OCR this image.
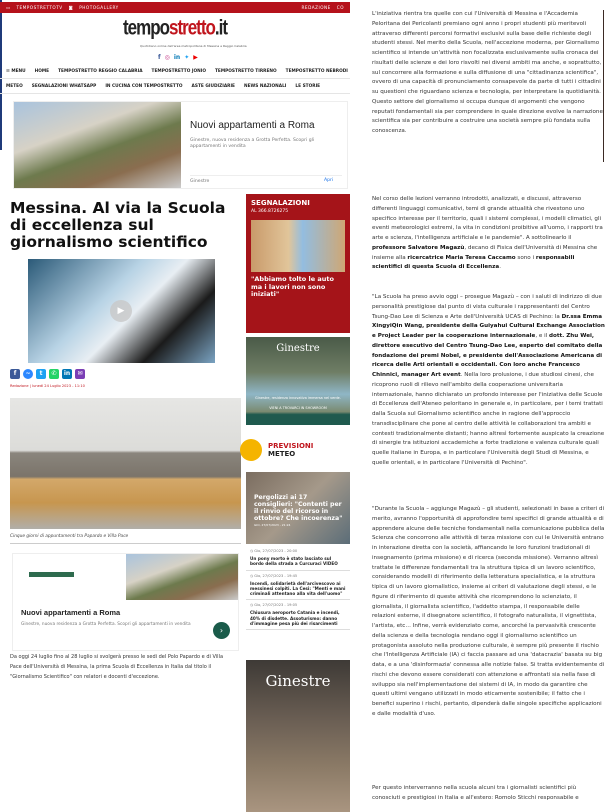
▭ TEMPOSTRETTOTV ◙ PHOTOGALLERY	REDAZIONE CO
tempostretto.it
Quotidiano online dell'area metropolitana di Messina e Reggio Calabria
f ◎ in ✦ ▶
☰ MENU HOME TEMPOSTRETTO REGGIO CALABRIA TEMPOSTRETTO JONIO TEMPOSTRETTO TIRRENO TEMPOSTRETTO NEBRODI
METEO SEGNALAZIONI WHATSAPP IN CUCINA CON TEMPOSTRETTO ASTE GIUDIZIARIE NEWS NAZIONALI LE STORIE
Nuovi appartamenti a Roma
Ginestre, nuova residenza a Grotta Perfetta. Scopri gli appartamenti in vendita
Ginestre	Apri
Messina. Al via la Scuola di eccellenza sul giornalismo scientifico
▶
f	~	t	✆	in	✉
Redazione | lunedì 24 Luglio 2023 - 11:10
Cinque giorni di appuntamenti tra Papardo e Villa Pace
Nuovi appartamenti a Roma
Ginestre, nuova residenza a Grotta Perfetta. Scopri gli appartamenti in vendita
›

Da oggi 24 luglio fino al 28 luglio si svolgerà presso le sedi del Polo Papardo e di Villa Pace dell'Università di Messina, la prima Scuola di Eccellenza in Italia dal titolo il "Giornalismo Scientifico" con relatori e docenti d'eccezione.

SEGNALAZIONI
AL 366.8726275
"Abbiamo tolto le auto ma i lavori non sono iniziati"
Ginestre
Ginestre, residenza innovativa immersa nel verde.
VIENI A TROVARCI IN SHOWROOM
PREVISIONI
METEO
Pergolizzi ai 17 consiglieri: "Contenti per il rinvio del ricorso in ottobre? Che incoerenza"
GIO, 27/07/2023 - 21:24
◷ Gio, 27/07/2023 - 20:00
Un pony morto è stato lasciato sul bordo della strada a Curcuraci VIDEO
◷ Gio, 27/07/2023 - 19:45
Incendi, solidarietà dell'arcivescovo ai messinesi colpiti. La Cesi: "Menti e mani criminali attentano alla vita dell'uomo"
◷ Gio, 27/07/2023 - 19:05
Chiusura aeroporto Catania e incendi, 40% di disdette. Assoturismo: danno d'immagine pesa più dei risarcimenti
Ginestre

L'iniziativa rientra tra quelle con cui l'Università di Messina e l'Accademia Peloritana dei Pericolanti premiano ogni anno i propri studenti più meritevoli attraverso differenti percorsi formativi esclusivi sulla base delle richieste degli studenti stessi. Nel merito della Scuola, nell'accezione moderna, per Giornalismo scientifico si intende un'attività non focalizzata esclusivamente sulla cronaca dei risultati delle scienze e dei loro risvolti nei diversi ambiti ma anche, e soprattutto, sul concorrere alla formazione e sulla diffusione di una "cittadinanza scientifica", ovvero di una capacità di pronunciamento consapevole da parte di tutti i cittadini su questioni che riguardano scienza e tecnologia, per interpretare la quotidianità. Questo settore del giornalismo si occupa dunque di argomenti che vengono reputati fondamentali sia per comprendere in quale direzione evolve la narrazione scientifica sia per contribuire a costruire una società sempre più fondata sulla conoscenza.

Nel corso delle lezioni verranno introdotti, analizzati, e discussi, attraverso differenti linguaggi comunicativi, temi di grande attualità che rivestono uno specifico interesse per il territorio, quali i sistemi complessi, i modelli climatici, gli eventi meteorologici estremi, la vita in condizioni proibitive all'uomo, i rapporti tra arte e scienza, l'intelligenza artificiale e le pandemie". A sottolinearlo il professore Salvatore Magazù, decano di Fisica dell'Università di Messina che insieme alla ricercatrice Maria Teresa Caccamo sono i responsabili scientifici di questa Scuola di Eccellenza.

"La Scuola ha preso avvio oggi – prosegue Magazù – con i saluti di indirizzo di due personalità prestigiose dal punto di vista culturale i rappresentanti del Centro Tsung-Dao Lee di Scienza e Arte dell'Università UCAS di Pechino: la Dr.ssa Emma XingyiQin Wang, presidente della Guiyahui Cultural Exchange Association e Project Leader per la cooperazione internazionale, e il dott. Zhu Wei, direttore esecutivo del Centro Tsung-Dao Lee, esperto del comitato della fondazione dei premi Nobel, e presidente dell'Associazione Americana di ricerca delle Arti orientali e occidentali. Con loro anche Francesco Chinnici, manager Art event. Nella loro prolusione, i due studiosi cinesi, che ricoprono ruoli di rilievo nell'ambito della cooperazione universitaria internazionale, hanno dichiarato un profondo interesse per l'iniziativa delle Scuole di Eccellenza dell'Ateneo peloritano in generale e, in particolare, per i temi trattati dalla Scuola sul Giornalismo scientifico anche in ragione dell'approccio transdisciplinare che pone al centro delle attività le collaborazioni tra ambiti e contesti tradizionalmente distanti; hanno altresì fortemente auspicato la creazione di sinergie tra istituzioni accademiche a forte tradizione e valenza culturale quali quelle italiane in Europa, e in particolare l'Università degli Studi di Messina, e quelle orientali, e in particolare l'Università di Pechino".

"Durante la Scuola – aggiunge Magazù – gli studenti, selezionati in base a criteri di merito, avranno l'opportunità di approfondire temi specifici di grande attualità e di apprendere alcune delle tecniche fondamentali nella comunicazione pubblica della Scienza che concorrono alle attività di terza missione con cui le Università entrano in interazione diretta con la società, affiancando le loro funzioni tradizionali di insegnamento (prima missione) e di ricerca (seconda missione). Verranno altresì trattate le differenze fondamentali tra la struttura tipica di un lavoro scientifico, considerando modelli di riferimento della letteratura specialistica, e la struttura tipica di un lavoro giornalistico, insieme ai criteri di valutazione degli stessi, e le figure di riferimento di queste attività che ricomprendono lo scienziato, il giornalista, il giornalista scientifico, l'addetto stampa, il responsabile delle relazioni esterne, il disegnatore scientifico, il fotografo naturalista, il vignettista, l'artista, etc… Infine, verrà evidenziato come, ancorché la pervasività crescente della scienza e della tecnologia rendano oggi il giornalismo scientifico un protagonista assoluto nella produzione culturale, è sempre più presente il rischio che l'Intelligenza Artificiale (IA) ci faccia passare ad una 'datacrazia' basata su big data, e a una 'disinformazia' connessa alle notizie false. Si tratta evidentemente di rischi che devono essere considerati con attenzione e affrontati sia nella fase di sviluppo sia nell'implementazione dei sistemi di IA, in modo da garantire che questi ultimi vengano utilizzati in modo eticamente sostenibile; il fatto che i benefici superino i rischi, pertanto, dipenderà dalle singole specifiche applicazioni e dalle modalità d'uso.

Per questo interverranno nella scuola alcuni tra i giornalisti scientifici più conosciuti e prestigiosi in Italia e all'estero: Romolo Sticchi responsabile e
